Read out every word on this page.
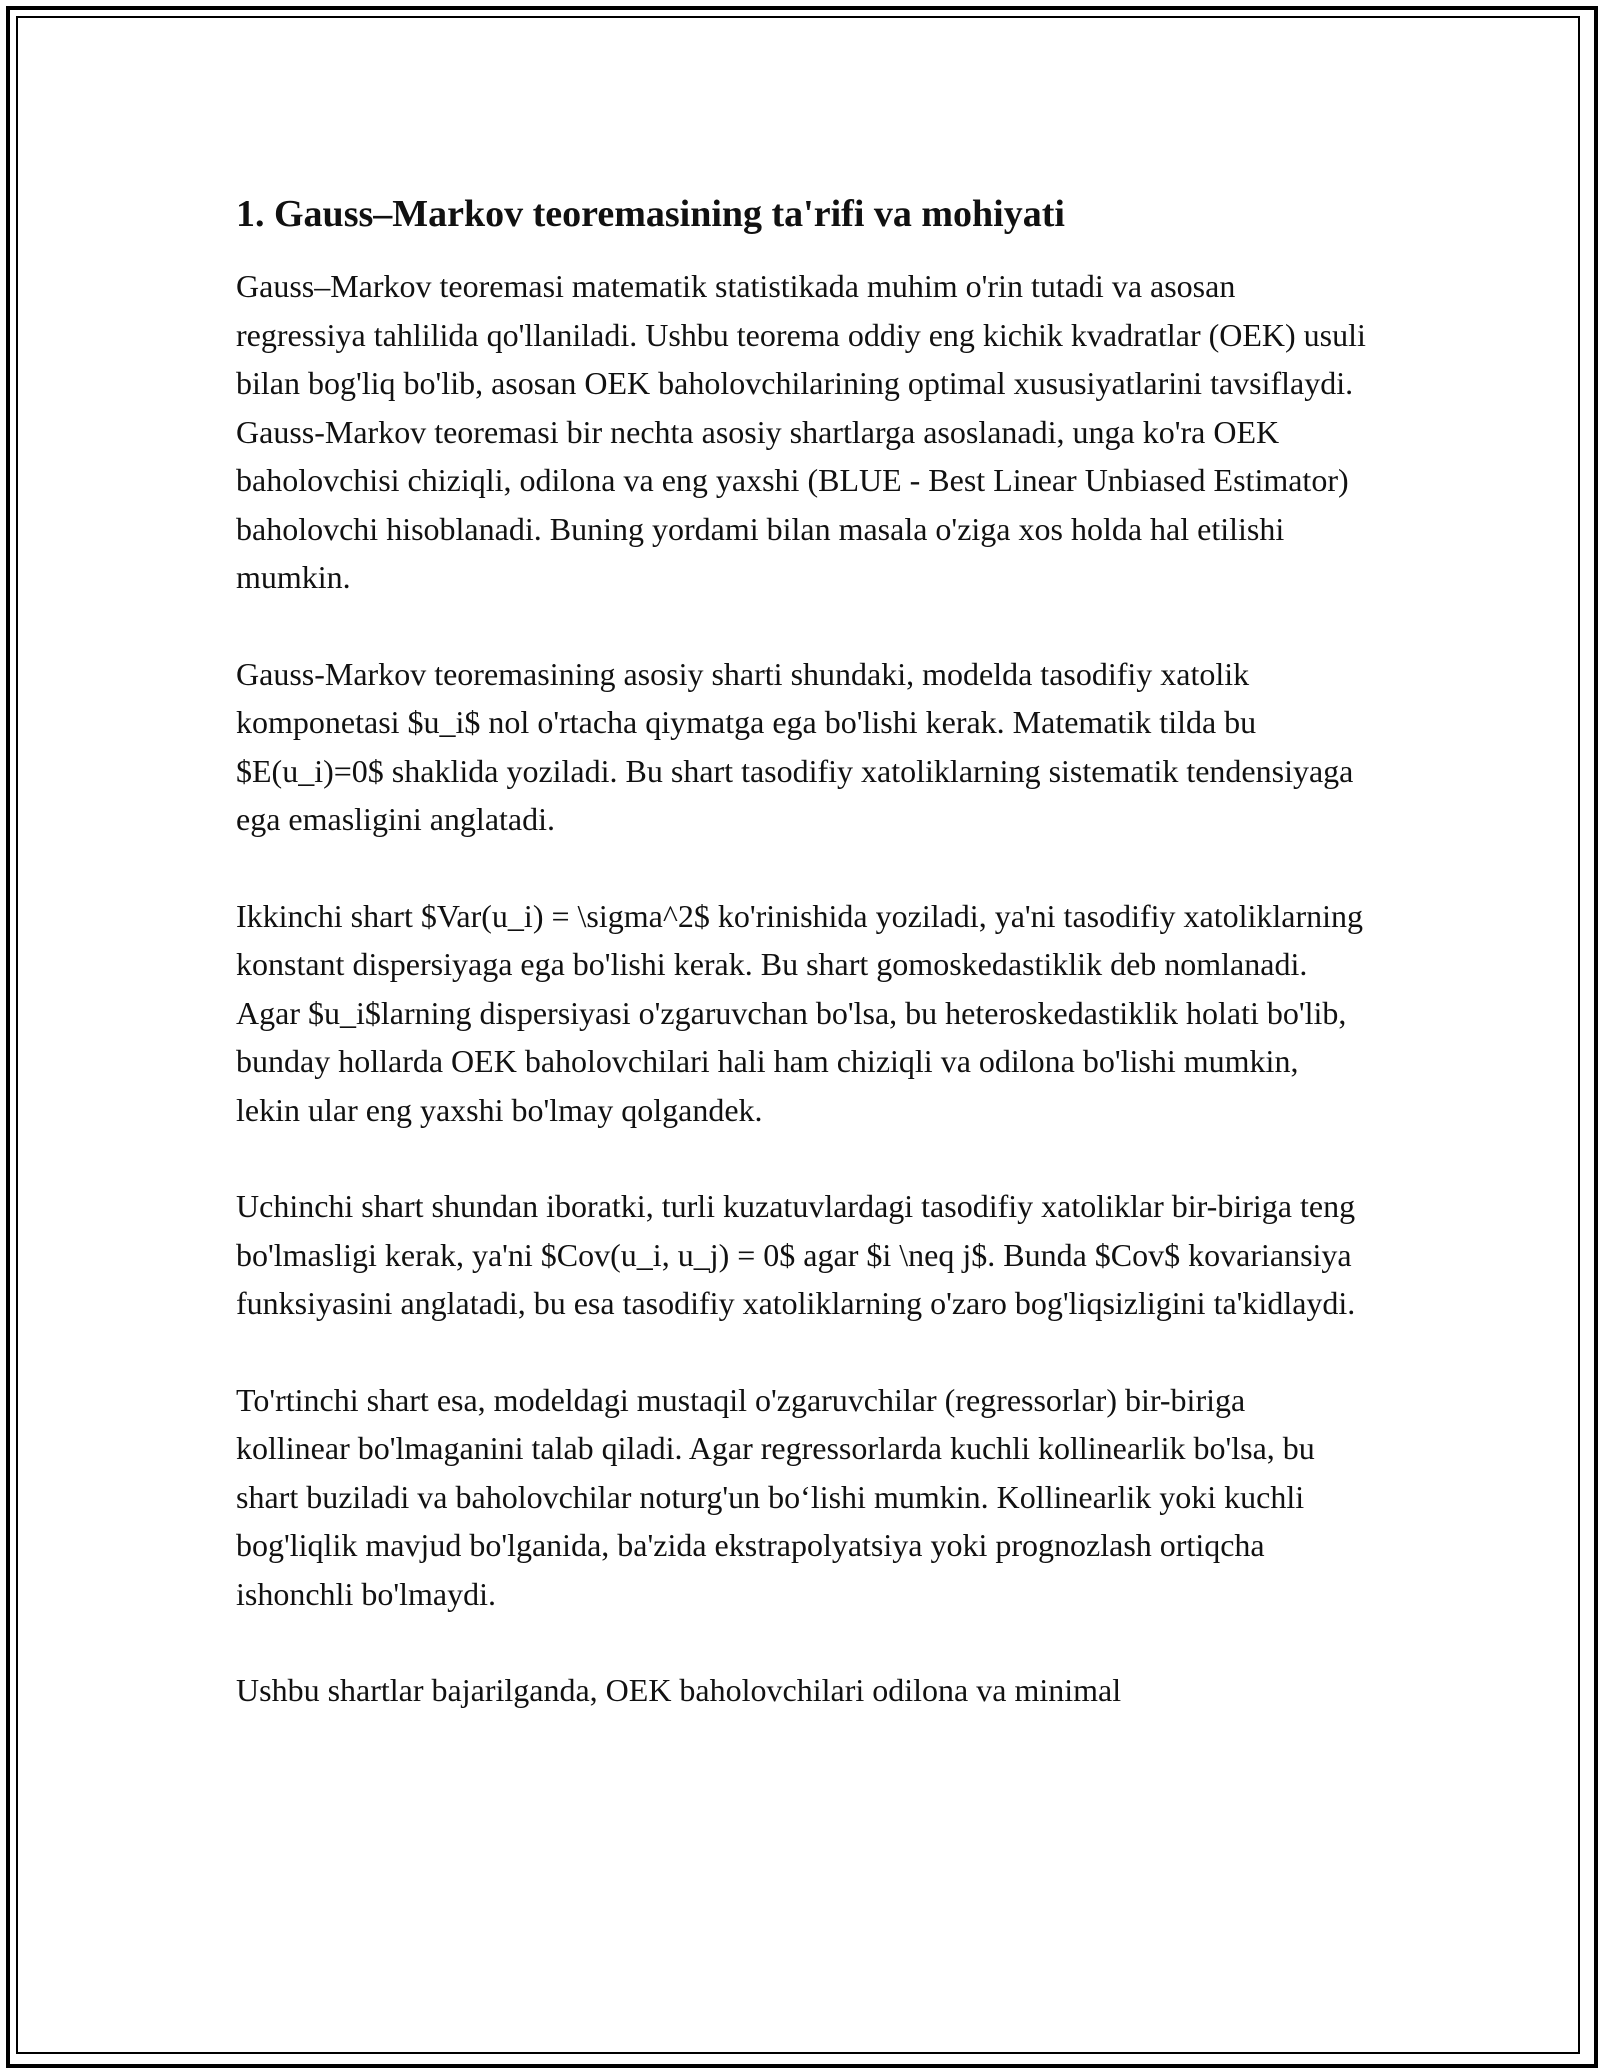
1. Gauss–Markov teoremasining ta'rifi va mohiyati

Gauss–Markov teoremasi matematik statistikada muhim o'rin tutadi va asosan regressiya tahlilida qo'llaniladi. Ushbu teorema oddiy eng kichik kvadratlar (OEK) usuli bilan bog'liq bo'lib, asosan OEK baholovchilarining optimal xususiyatlarini tavsiflaydi. Gauss-Markov teoremasi bir nechta asosiy shartlarga asoslanadi, unga ko'ra OEK baholovchisi chiziqli, odilona va eng yaxshi (BLUE - Best Linear Unbiased Estimator) baholovchi hisoblanadi. Buning yordami bilan masala o'ziga xos holda hal etilishi mumkin.

Gauss-Markov teoremasining asosiy sharti shundaki, modelda tasodifiy xatolik komponetasi $u_i$ nol o'rtacha qiymatga ega bo'lishi kerak. Matematik tilda bu $E(u_i)=0$ shaklida yoziladi. Bu shart tasodifiy xatoliklarning sistematik tendensiyaga ega emasligini anglatadi.

Ikkinchi shart $Var(u_i) = \sigma^2$ ko'rinishida yoziladi, ya'ni tasodifiy xatoliklarning konstant dispersiyaga ega bo'lishi kerak. Bu shart gomoskedastiklik deb nomlanadi. Agar $u_i$larning dispersiyasi o'zgaruvchan bo'lsa, bu heteroskedastiklik holati bo'lib, bunday hollarda OEK baholovchilari hali ham chiziqli va odilona bo'lishi mumkin, lekin ular eng yaxshi bo'lmay qolgandek.

Uchinchi shart shundan iboratki, turli kuzatuvlardagi tasodifiy xatoliklar bir-biriga teng bo'lmasligi kerak, ya'ni $Cov(u_i, u_j) = 0$ agar $i \neq j$. Bunda $Cov$ kovariansiya funksiyasini anglatadi, bu esa tasodifiy xatoliklarning o'zaro bog'liqsizligini ta'kidlaydi.

To'rtinchi shart esa, modeldagi mustaqil o'zgaruvchilar (regressorlar) bir-biriga kollinear bo'lmaganini talab qiladi. Agar regressorlarda kuchli kollinearlik bo'lsa, bu shart buziladi va baholovchilar noturg'un bo‘lishi mumkin. Kollinearlik yoki kuchli bog'liqlik mavjud bo'lganida, ba'zida ekstrapolyatsiya yoki prognozlash ortiqcha ishonchli bo'lmaydi.

Ushbu shartlar bajarilganda, OEK baholovchilari odilona va minimal
